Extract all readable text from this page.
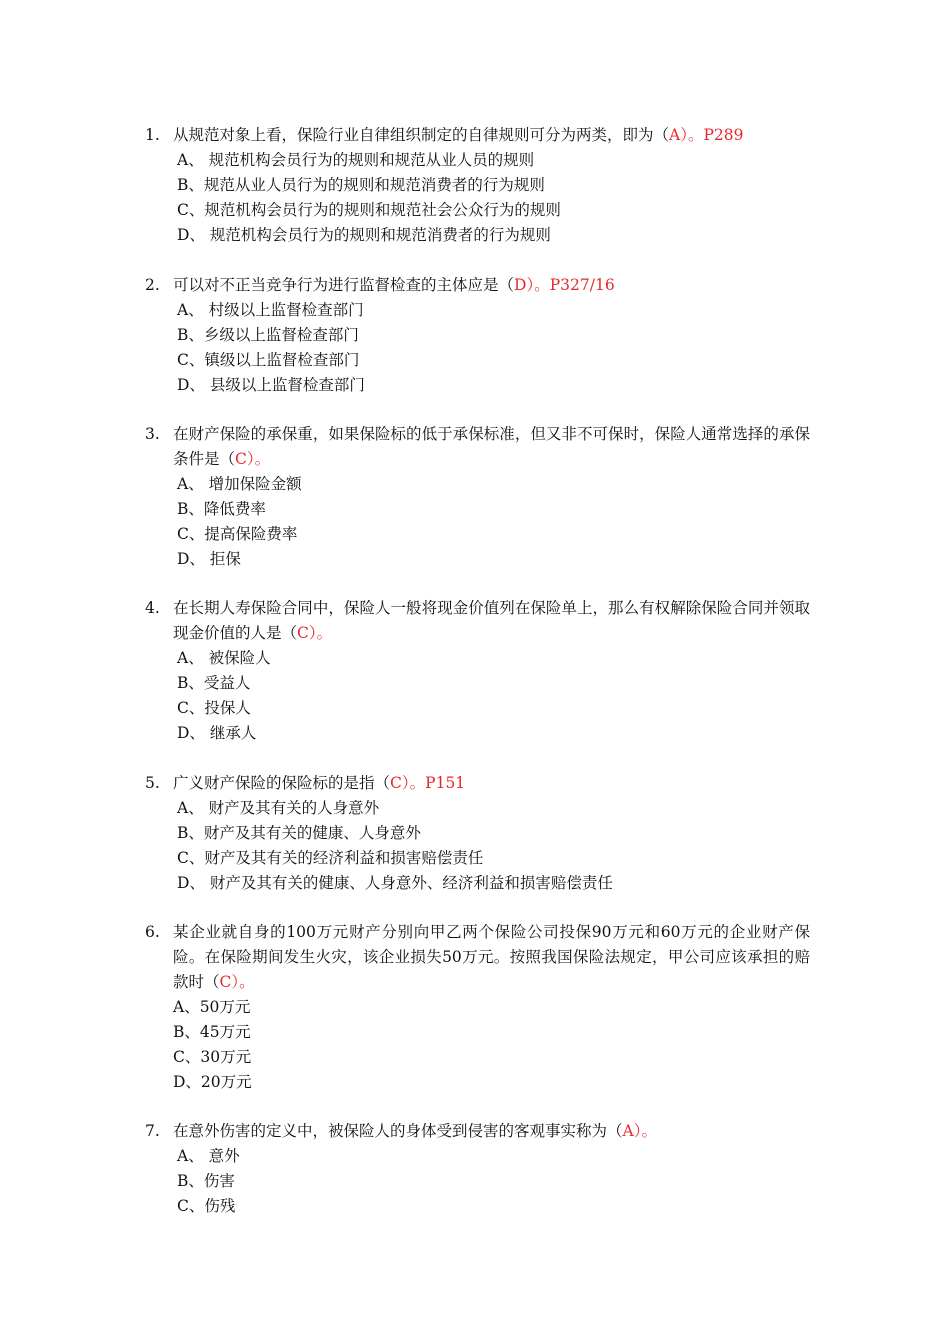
1. 从规范对象上看，保险行业自律组织制定的自律规则可分为两类，即为（A）。P289
A、 规范机构会员行为的规则和规范从业人员的规则
B、规范从业人员行为的规则和规范消费者的行为规则
C、规范机构会员行为的规则和规范社会公众行为的规则
D、 规范机构会员行为的规则和规范消费者的行为规则
2. 可以对不正当竞争行为进行监督检查的主体应是（D）。P327/16
A、 村级以上监督检查部门
B、乡级以上监督检查部门
C、镇级以上监督检查部门
D、 县级以上监督检查部门
3. 在财产保险的承保重，如果保险标的低于承保标准，但又非不可保时，保险人通常选择的承保条件是（C）。
A、 增加保险金额
B、降低费率
C、提高保险费率
D、 拒保
4. 在长期人寿保险合同中，保险人一般将现金价值列在保险单上，那么有权解除保险合同并领取现金价值的人是（C）。
A、 被保险人
B、受益人
C、投保人
D、 继承人
5. 广义财产保险的保险标的是指（C）。P151
A、 财产及其有关的人身意外
B、财产及其有关的健康、人身意外
C、财产及其有关的经济利益和损害赔偿责任
D、 财产及其有关的健康、人身意外、经济利益和损害赔偿责任
6. 某企业就自身的100万元财产分别向甲乙两个保险公司投保90万元和60万元的企业财产保险。在保险期间发生火灾，该企业损失50万元。按照我国保险法规定，甲公司应该承担的赔款时（C）。
A、50万元
B、45万元
C、30万元
D、20万元
7. 在意外伤害的定义中，被保险人的身体受到侵害的客观事实称为（A）。
A、 意外
B、伤害
C、伤残
